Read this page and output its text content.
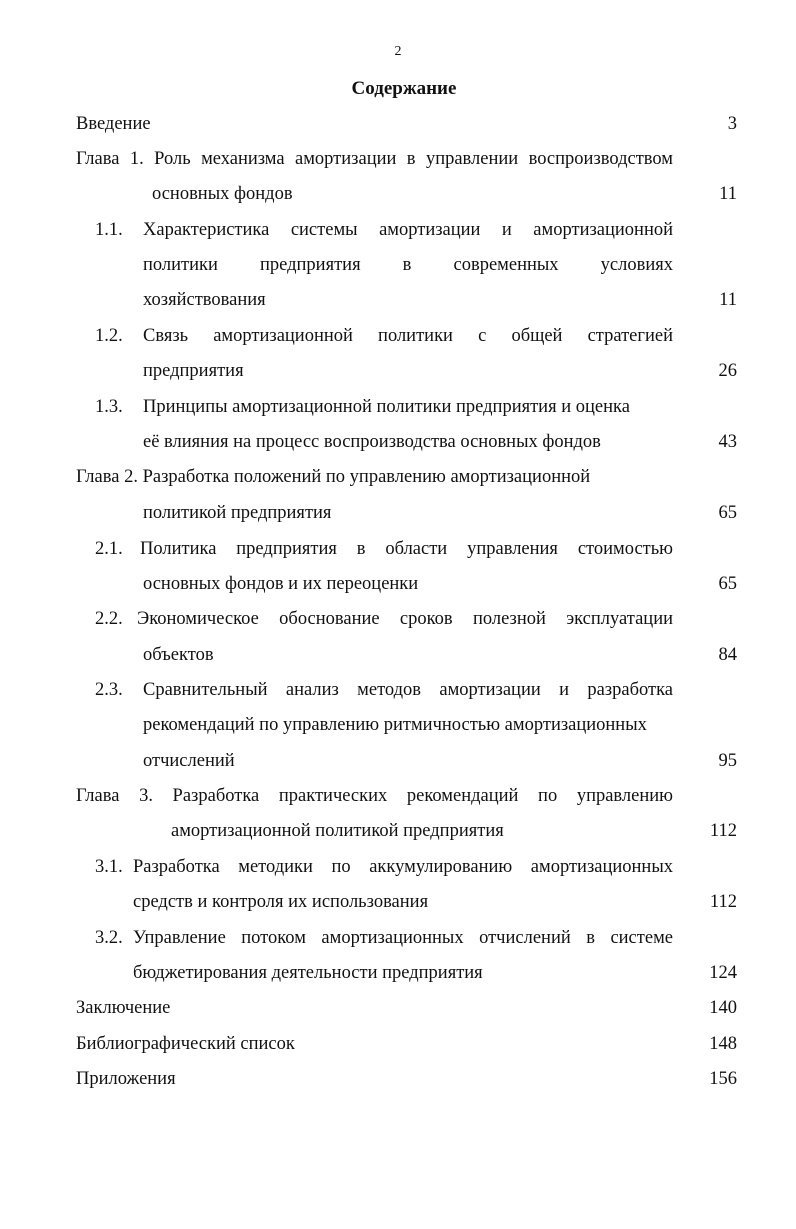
2
Содержание
Введение	3
Глава 1. Роль механизма амортизации в управлении воспроизводством
основных фондов	11
1.1. Характеристика системы амортизации и амортизационной
политики предприятия в современных условиях
хозяйствования	11
1.2. Связь амортизационной политики с общей стратегией
предприятия	26
1.3. Принципы амортизационной политики предприятия и оценка
её влияния на процесс воспроизводства основных фондов	43
Глава 2. Разработка положений по управлению амортизационной
политикой предприятия	65
2.1. Политика предприятия в области управления стоимостью
основных фондов и их переоценки	65
2.2. Экономическое обоснование сроков полезной эксплуатации
объектов	84
2.3. Сравнительный анализ методов амортизации и разработка
рекомендаций по управлению ритмичностью амортизационных
отчислений	95
Глава 3. Разработка практических рекомендаций по управлению
амортизационной политикой предприятия	112
3.1. Разработка методики по аккумулированию амортизационных
средств и контроля их использования	112
3.2. Управление потоком амортизационных отчислений в системе
бюджетирования деятельности предприятия	124
Заключение	140
Библиографический список	148
Приложения	156
